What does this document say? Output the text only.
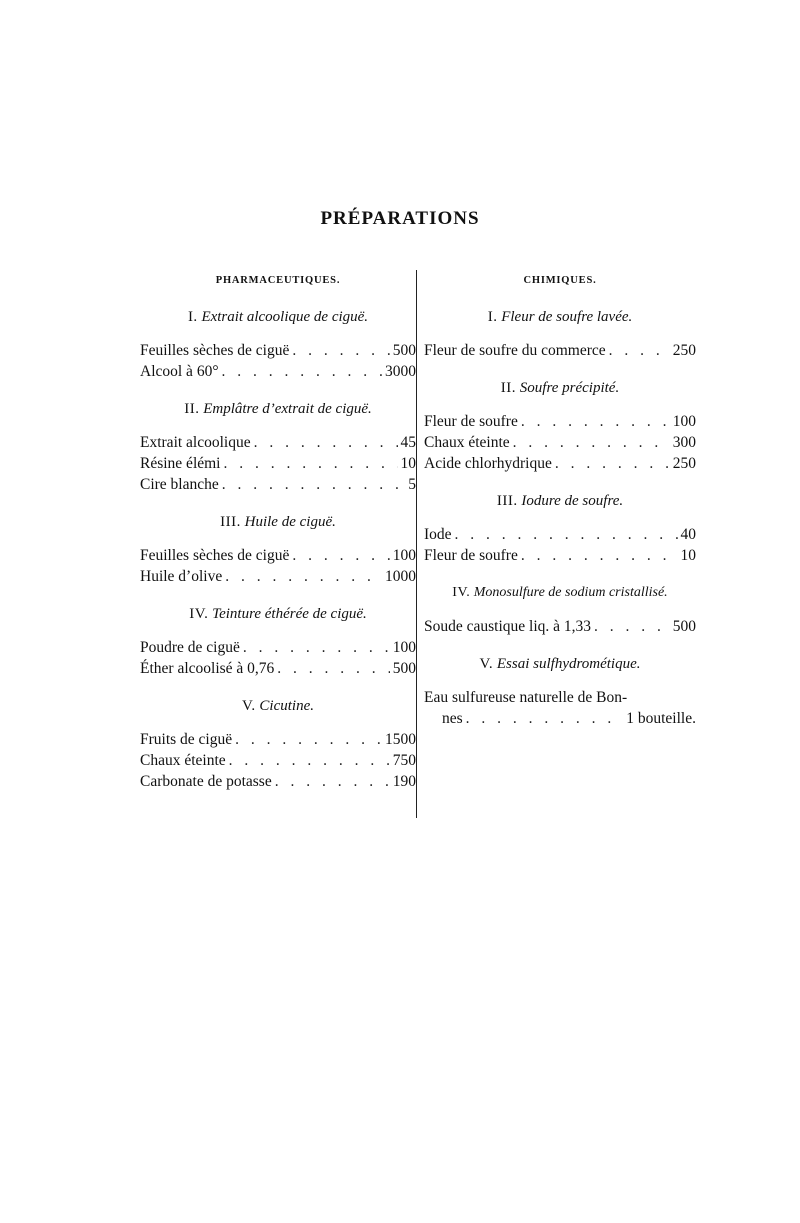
PRÉPARATIONS
PHARMACEUTIQUES.
I. Extrait alcoolique de ciguë.
Feuilles sèches de ciguë . . .	500
Alcool à 60° . . .	3000
II. Emplâtre d’extrait de ciguë.
Extrait alcoolique . . .	45
Résine élémi . . .	10
Cire blanche . . .	5
III. Huile de ciguë.
Feuilles sèches de ciguë . . .	100
Huile d’olive . . .	1000
IV. Teinture éthérée de ciguë.
Poudre de ciguë . . .	100
Éther alcoolisé à 0,76 . . .	500
V. Cicutine.
Fruits de ciguë . . .	1500
Chaux éteinte . . .	750
Carbonate de potasse . . .	190
CHIMIQUES.
I. Fleur de soufre lavée.
Fleur de soufre du commerce . . .	250
II. Soufre précipité.
Fleur de soufre . . .	100
Chaux éteinte . . .	300
Acide chlorhydrique . . .	250
III. Iodure de soufre.
Iode . . .	40
Fleur de soufre . . .	10
IV. Monosulfure de sodium cristallisé.
Soude caustique liq. à 1,33 . . .	500
V. Essai sulfhydrométique.
Eau sulfureuse naturelle de Bon-
nes . . .	1 bouteille.
